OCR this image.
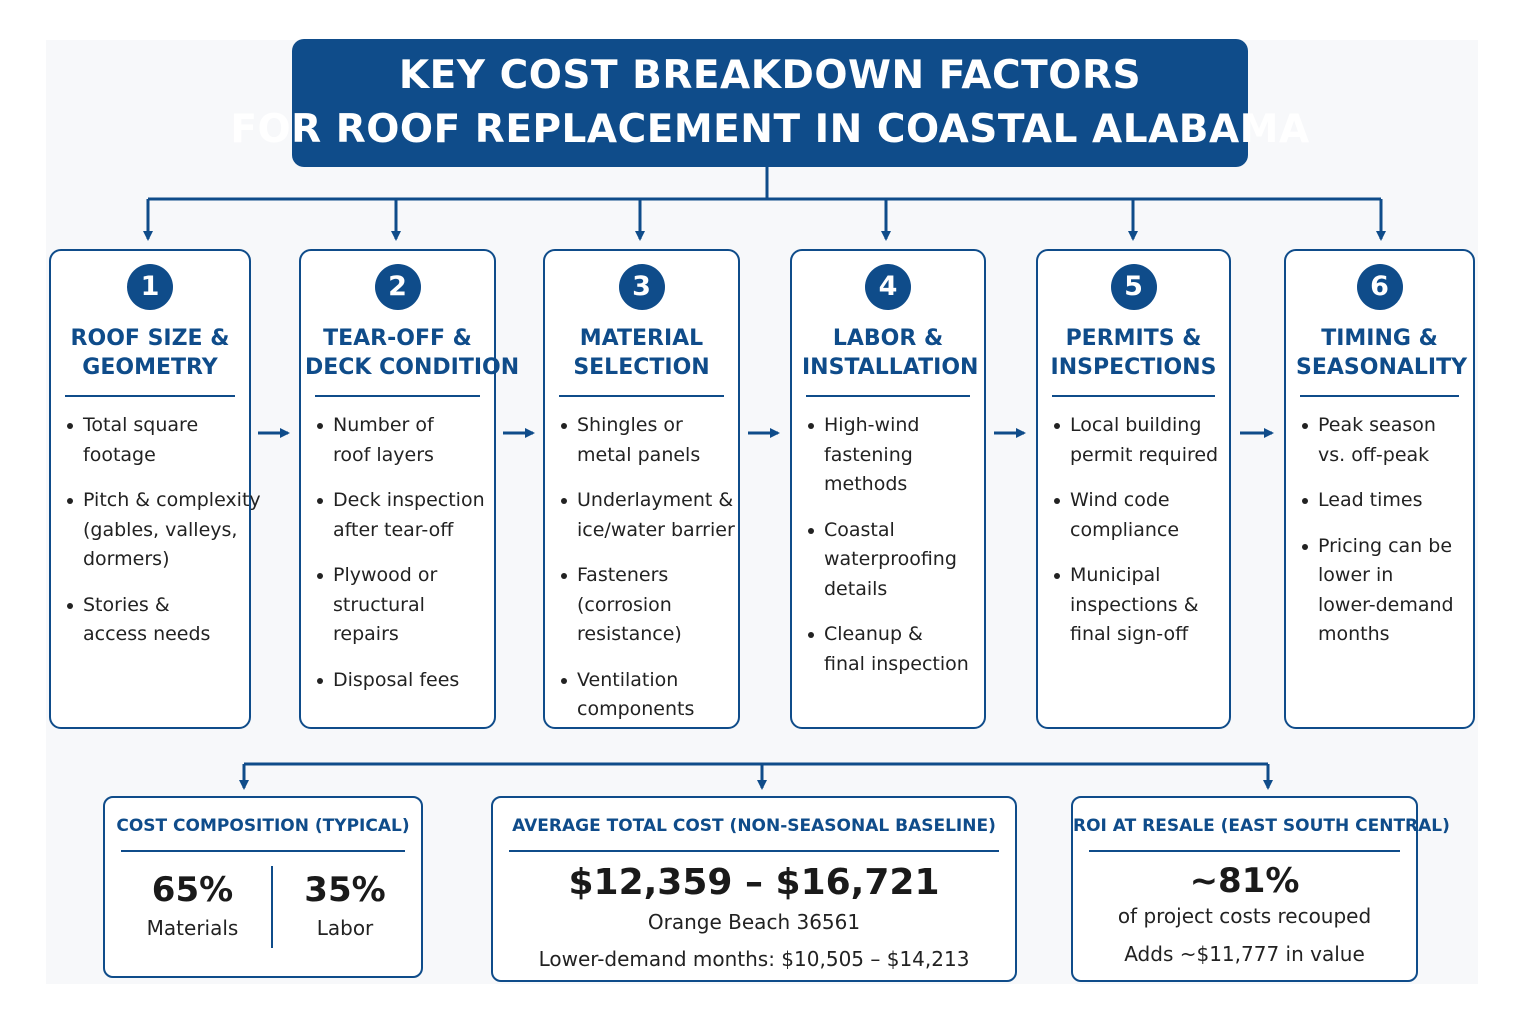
KEY COST BREAKDOWN FACTORS
FOR ROOF REPLACEMENT IN COASTAL ALABAMA
1
ROOF SIZE &
GEOMETRY
Total square
footage
Pitch & complexity
(gables, valleys,
dormers)
Stories &
access needs
2
TEAR-OFF &
DECK CONDITION
Number of
roof layers
Deck inspection
after tear-off
Plywood or
structural
repairs
Disposal fees
3
MATERIAL
SELECTION
Shingles or
metal panels
Underlayment &
ice/water barrier
Fasteners
(corrosion
resistance)
Ventilation
components
4
LABOR &
INSTALLATION
High-wind
fastening
methods
Coastal
waterproofing
details
Cleanup &
final inspection
5
PERMITS &
INSPECTIONS
Local building
permit required
Wind code
compliance
Municipal
inspections &
final sign-off
6
TIMING &
SEASONALITY
Peak season
vs. off-peak
Lead times
Pricing can be
lower in
lower-demand
months
COST COMPOSITION (TYPICAL)
65%
Materials
35%
Labor
AVERAGE TOTAL COST (NON-SEASONAL BASELINE)
$12,359 – $16,721
Orange Beach 36561
Lower-demand months: $10,505 – $14,213
ROI AT RESALE (EAST SOUTH CENTRAL)
~81%
of project costs recouped
Adds ~$11,777 in value
